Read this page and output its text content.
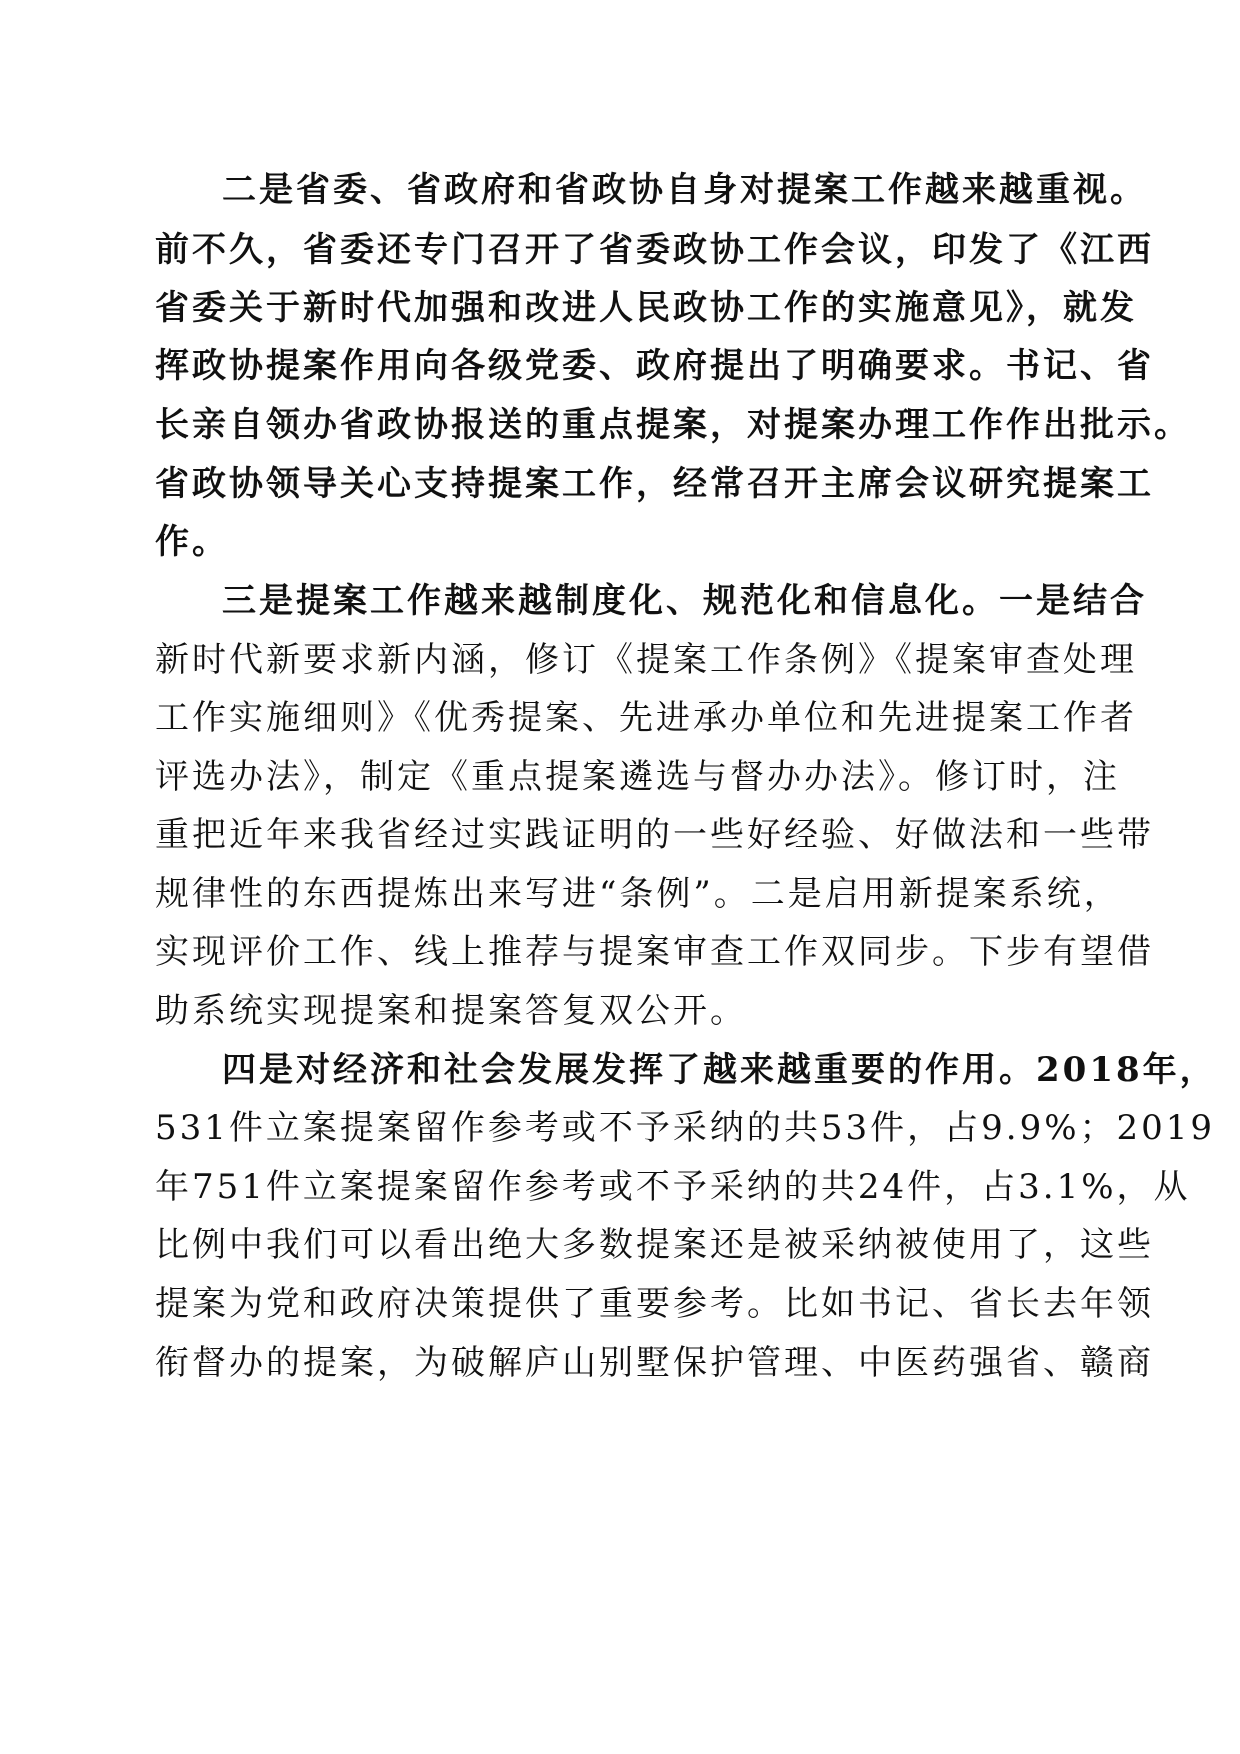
二是省委、省政府和省政协自身对提案工作越来越重视。
前不久，省委还专门召开了省委政协工作会议，印发了《江西
省委关于新时代加强和改进人民政协工作的实施意见》，就发
挥政协提案作用向各级党委、政府提出了明确要求。书记、省
长亲自领办省政协报送的重点提案，对提案办理工作作出批示。
省政协领导关心支持提案工作，经常召开主席会议研究提案工
作。
三是提案工作越来越制度化、规范化和信息化。一是结合
新时代新要求新内涵，修订《提案工作条例》《提案审查处理
工作实施细则》《优秀提案、先进承办单位和先进提案工作者
评选办法》，制定《重点提案遴选与督办办法》。修订时，注
重把近年来我省经过实践证明的一些好经验、好做法和一些带
规律性的东西提炼出来写进“条例”。二是启用新提案系统，
实现评价工作、线上推荐与提案审查工作双同步。下步有望借
助系统实现提案和提案答复双公开。
四是对经济和社会发展发挥了越来越重要的作用。2018年，
531件立案提案留作参考或不予采纳的共53件，占9.9%；2019
年751件立案提案留作参考或不予采纳的共24件，占3.1%，从
比例中我们可以看出绝大多数提案还是被采纳被使用了，这些
提案为党和政府决策提供了重要参考。比如书记、省长去年领
衔督办的提案，为破解庐山别墅保护管理、中医药强省、赣商
